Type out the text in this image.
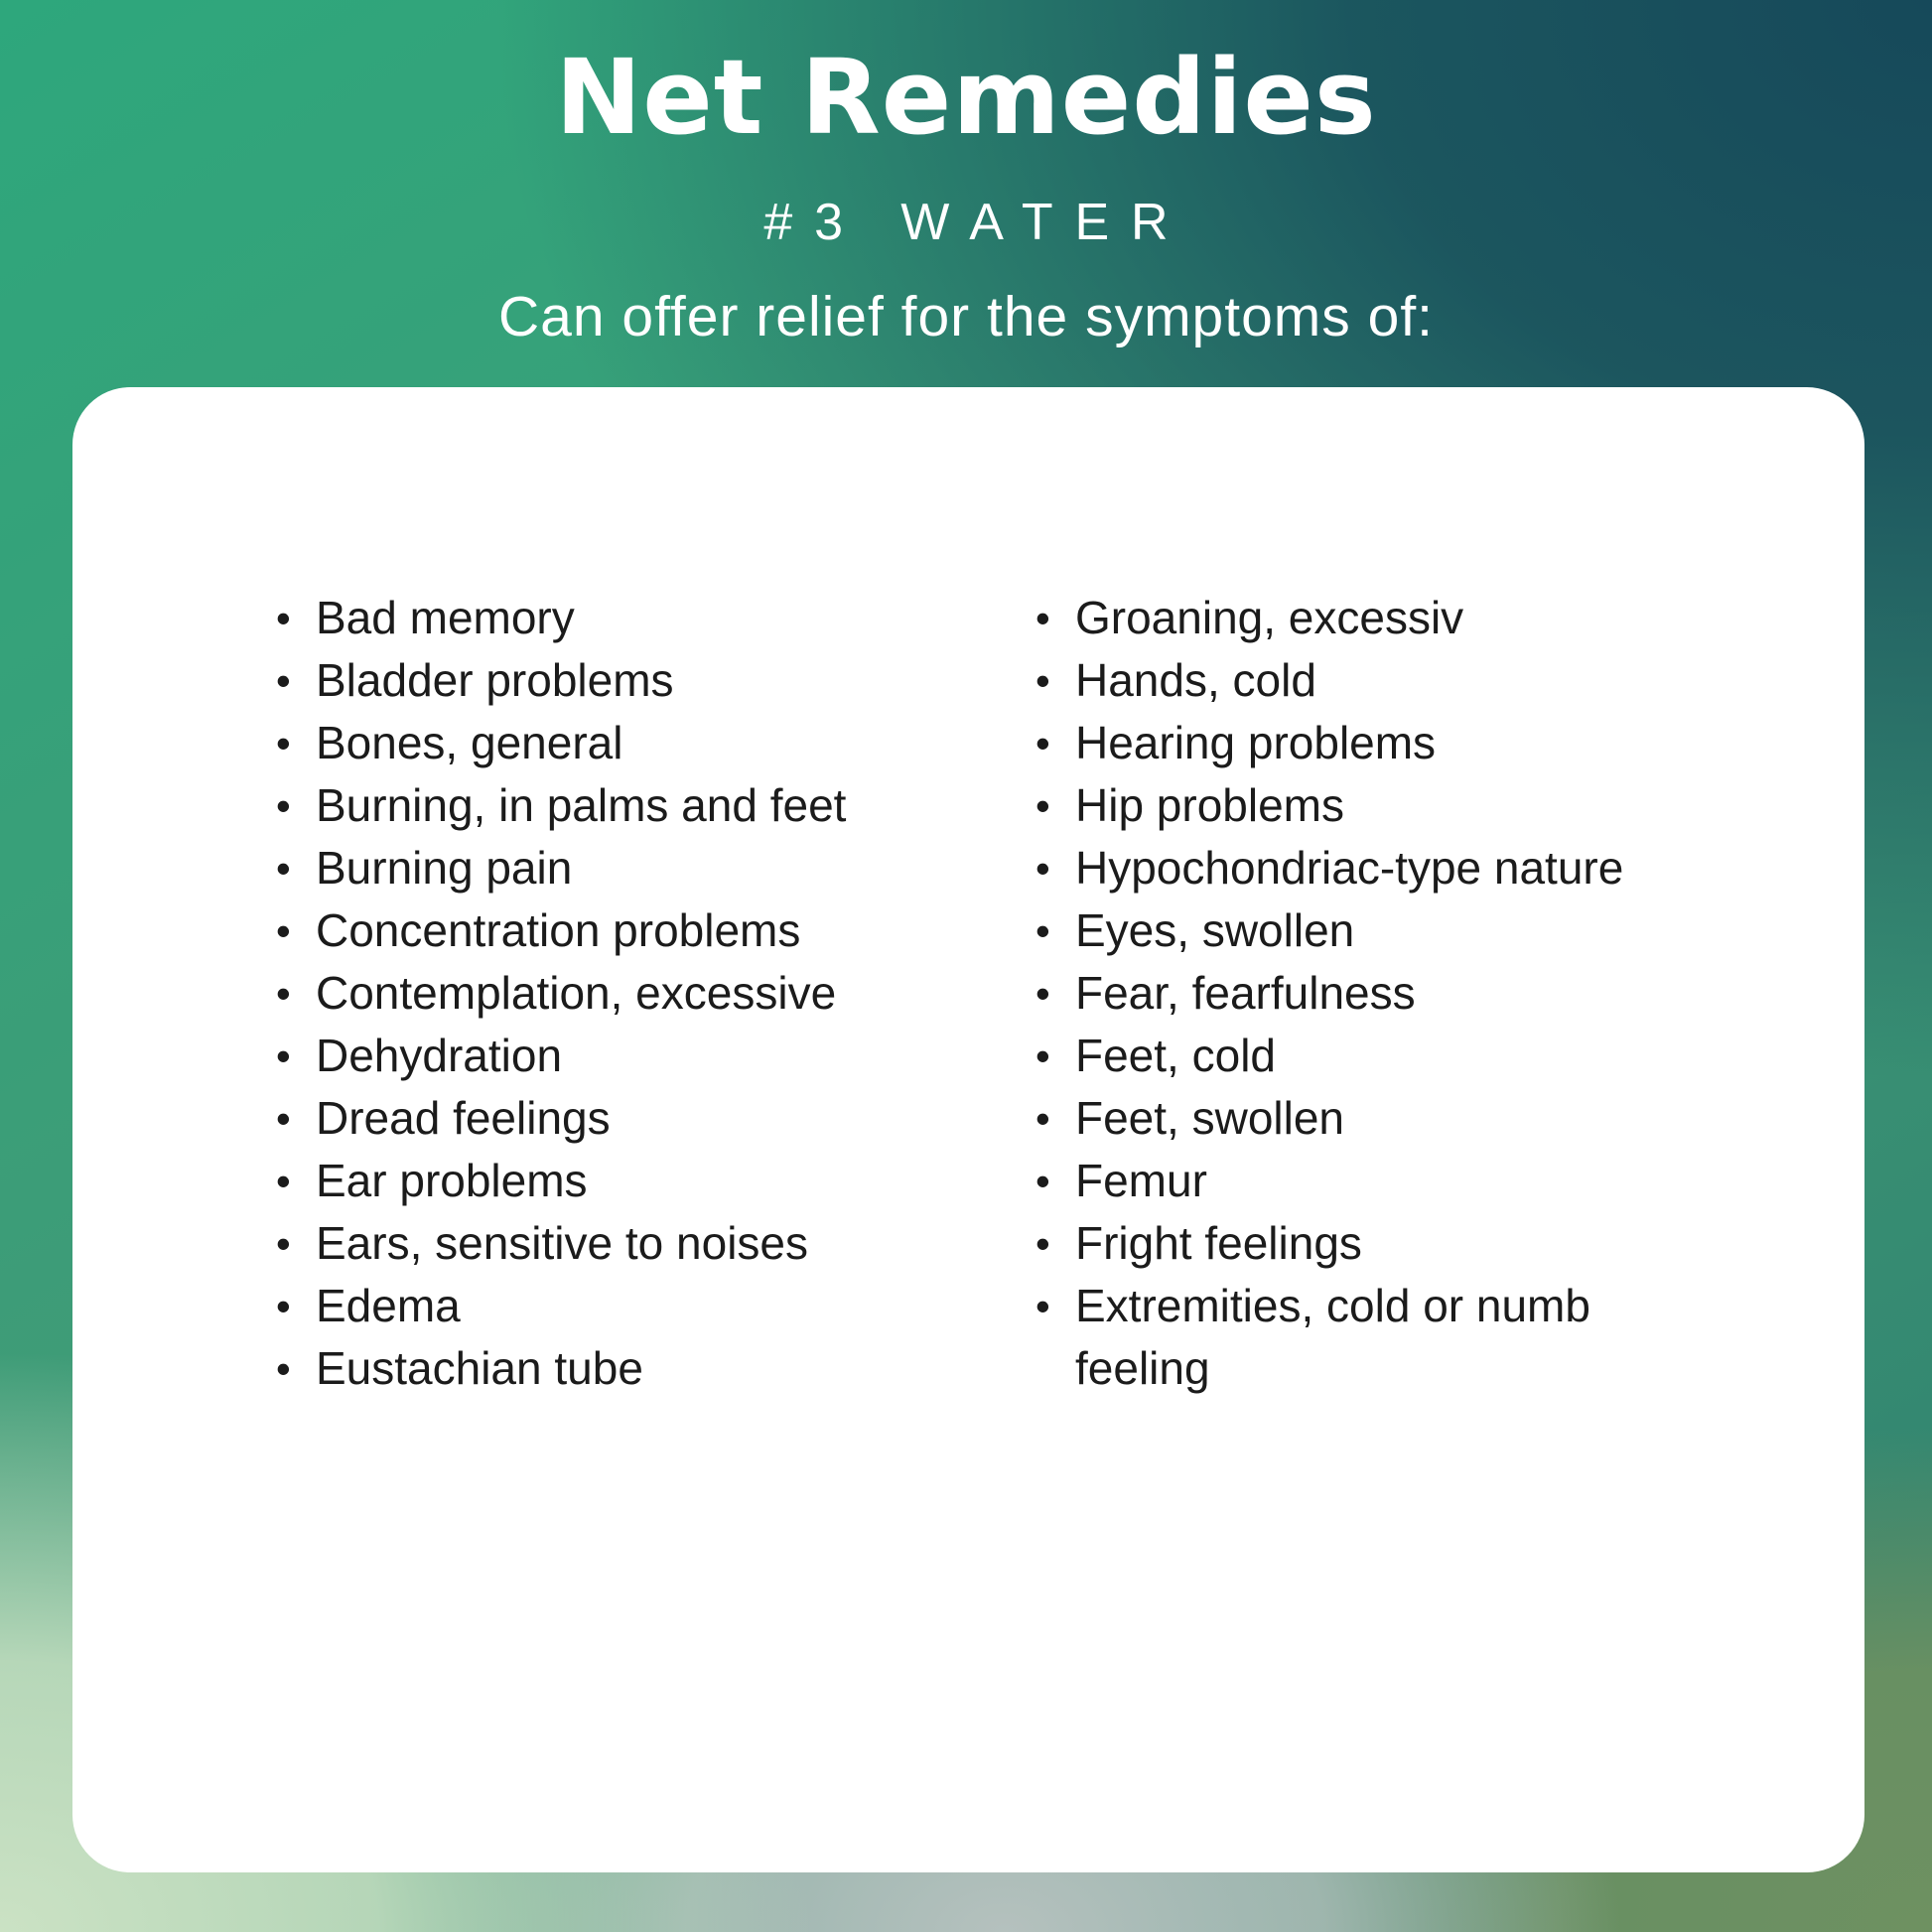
Net Remedies
#3 WATER
Can offer relief for the symptoms of:
• Bad memory
• Bladder problems
• Bones, general
• Burning, in palms and feet
• Burning pain
• Concentration problems
• Contemplation, excessive
• Dehydration
• Dread feelings
• Ear problems
• Ears, sensitive to noises
• Edema
• Eustachian tube
• Groaning, excessiv
• Hands, cold
• Hearing problems
• Hip problems
• Hypochondriac-type nature
• Eyes, swollen
• Fear, fearfulness
• Feet, cold
• Feet, swollen
• Femur
• Fright feelings
• Extremities, cold or numb feeling
